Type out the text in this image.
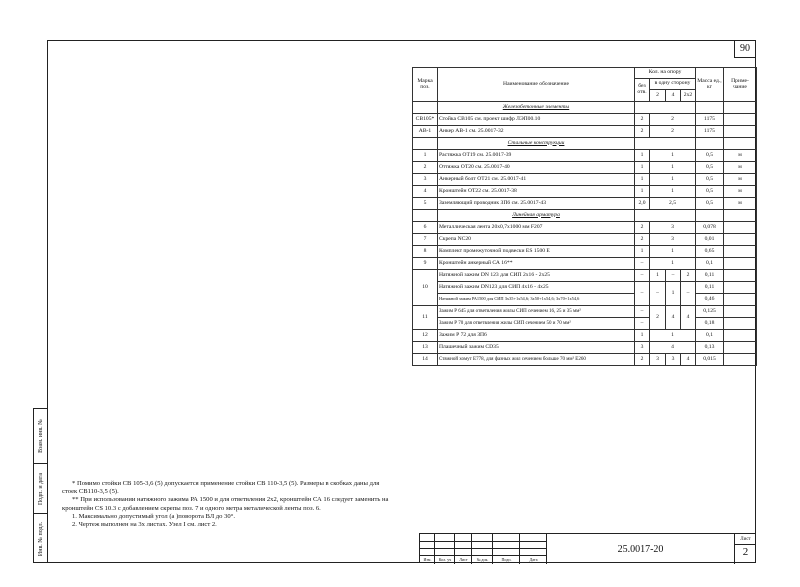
90
Взам. инв. №
Подп. и дата
Инв. № подл.
Марка поз.	Наименование обозначение	Кол. на опору				Масса ед., кг	Приме-чание
		без отв.	в одну сторону				
			2	4	2x2		
	Железобетонные элементы						
СВ105*	Стойка СВ105 см. проект шифр ЛЭП00.10	2	2			1175	
АВ-1	Анкер АВ-1 см. 25.0017-32	2	2			1175	
	Стальные конструкции						
1	Растяжка ОТ19 см. 25.0017-39	1	1			0,5	м
2	Оттяжка ОТ20 см. 25.0017-40	1	1			0,5	м
3	Анкерный болт ОТ21 см. 25.0017-41	1	1			0,5	м
4	Кронштейн ОТ22 см. 25.0017-38	1	1			0,5	м
5	Заземляющий проводник ЗП6 см. 25.0017-43	2,0	2,5			0,5	м
	Линейная арматура						
6	Металлическая лента 20х0,7х1000 мм F207	2	3			0,078	
7	Скрепа NC20	2	3			0,01	
8	Комплект промежуточной подвески ES 1500 E	1	1			0,65	
9	Кронштейн анкерный СА 16**	–	1			0,1	
10	Натяжной зажим DN 123 для СИП 2х16 - 2х25	–	1	–	2	0,11	
	Натяжной зажим DN123 для СИП 4х16 - 4х25	–	–	1	–	0,11	
	Натяжной зажим РА1500 для СИП 3х35+1х54,6; 3х50+1х54,6; 3х70+1х54,6					0,46	
11	Зажим Р 645 для ответвления жилы СИП сечением 16, 25 и 35 мм²	–	2	4	4	0,125	
	Зажим Р 70 для ответвления жилы СИП сечением 50 и 70 мм²	–				0,18	
12	Зажим Р 72 для ЗП6	1	1			0,1	
13	Плашечный зажим CD35	3	4			0,13	
14	Стяжной хомут Е778, для фазных жил сечением больше 70 мм² Е260	2	3	3	4	0,015	

* Помимо стойки СВ 105-3,6 (5) допускается применение стойки СВ 110-3,5 (5). Размеры в скобках даны для стоек СВ110-3,5 (5).

** При использовании натяжного зажима РА 1500 и для ответвления 2х2, кронштейн СА 16 следует заменить на кронштейн CS 10.3 с добавлением скрепы поз. 7 и одного метра металической ленты поз. 6.

1. Максимально допустимый угол (а )поворота ВЛ до 30°.

2. Чертеж выполнен на 3х листах. Узел I см. лист 2.

Изм.	Кол. уч	Лист	№ док.	Подп.	Дата
25.0017-20
Лист
2
